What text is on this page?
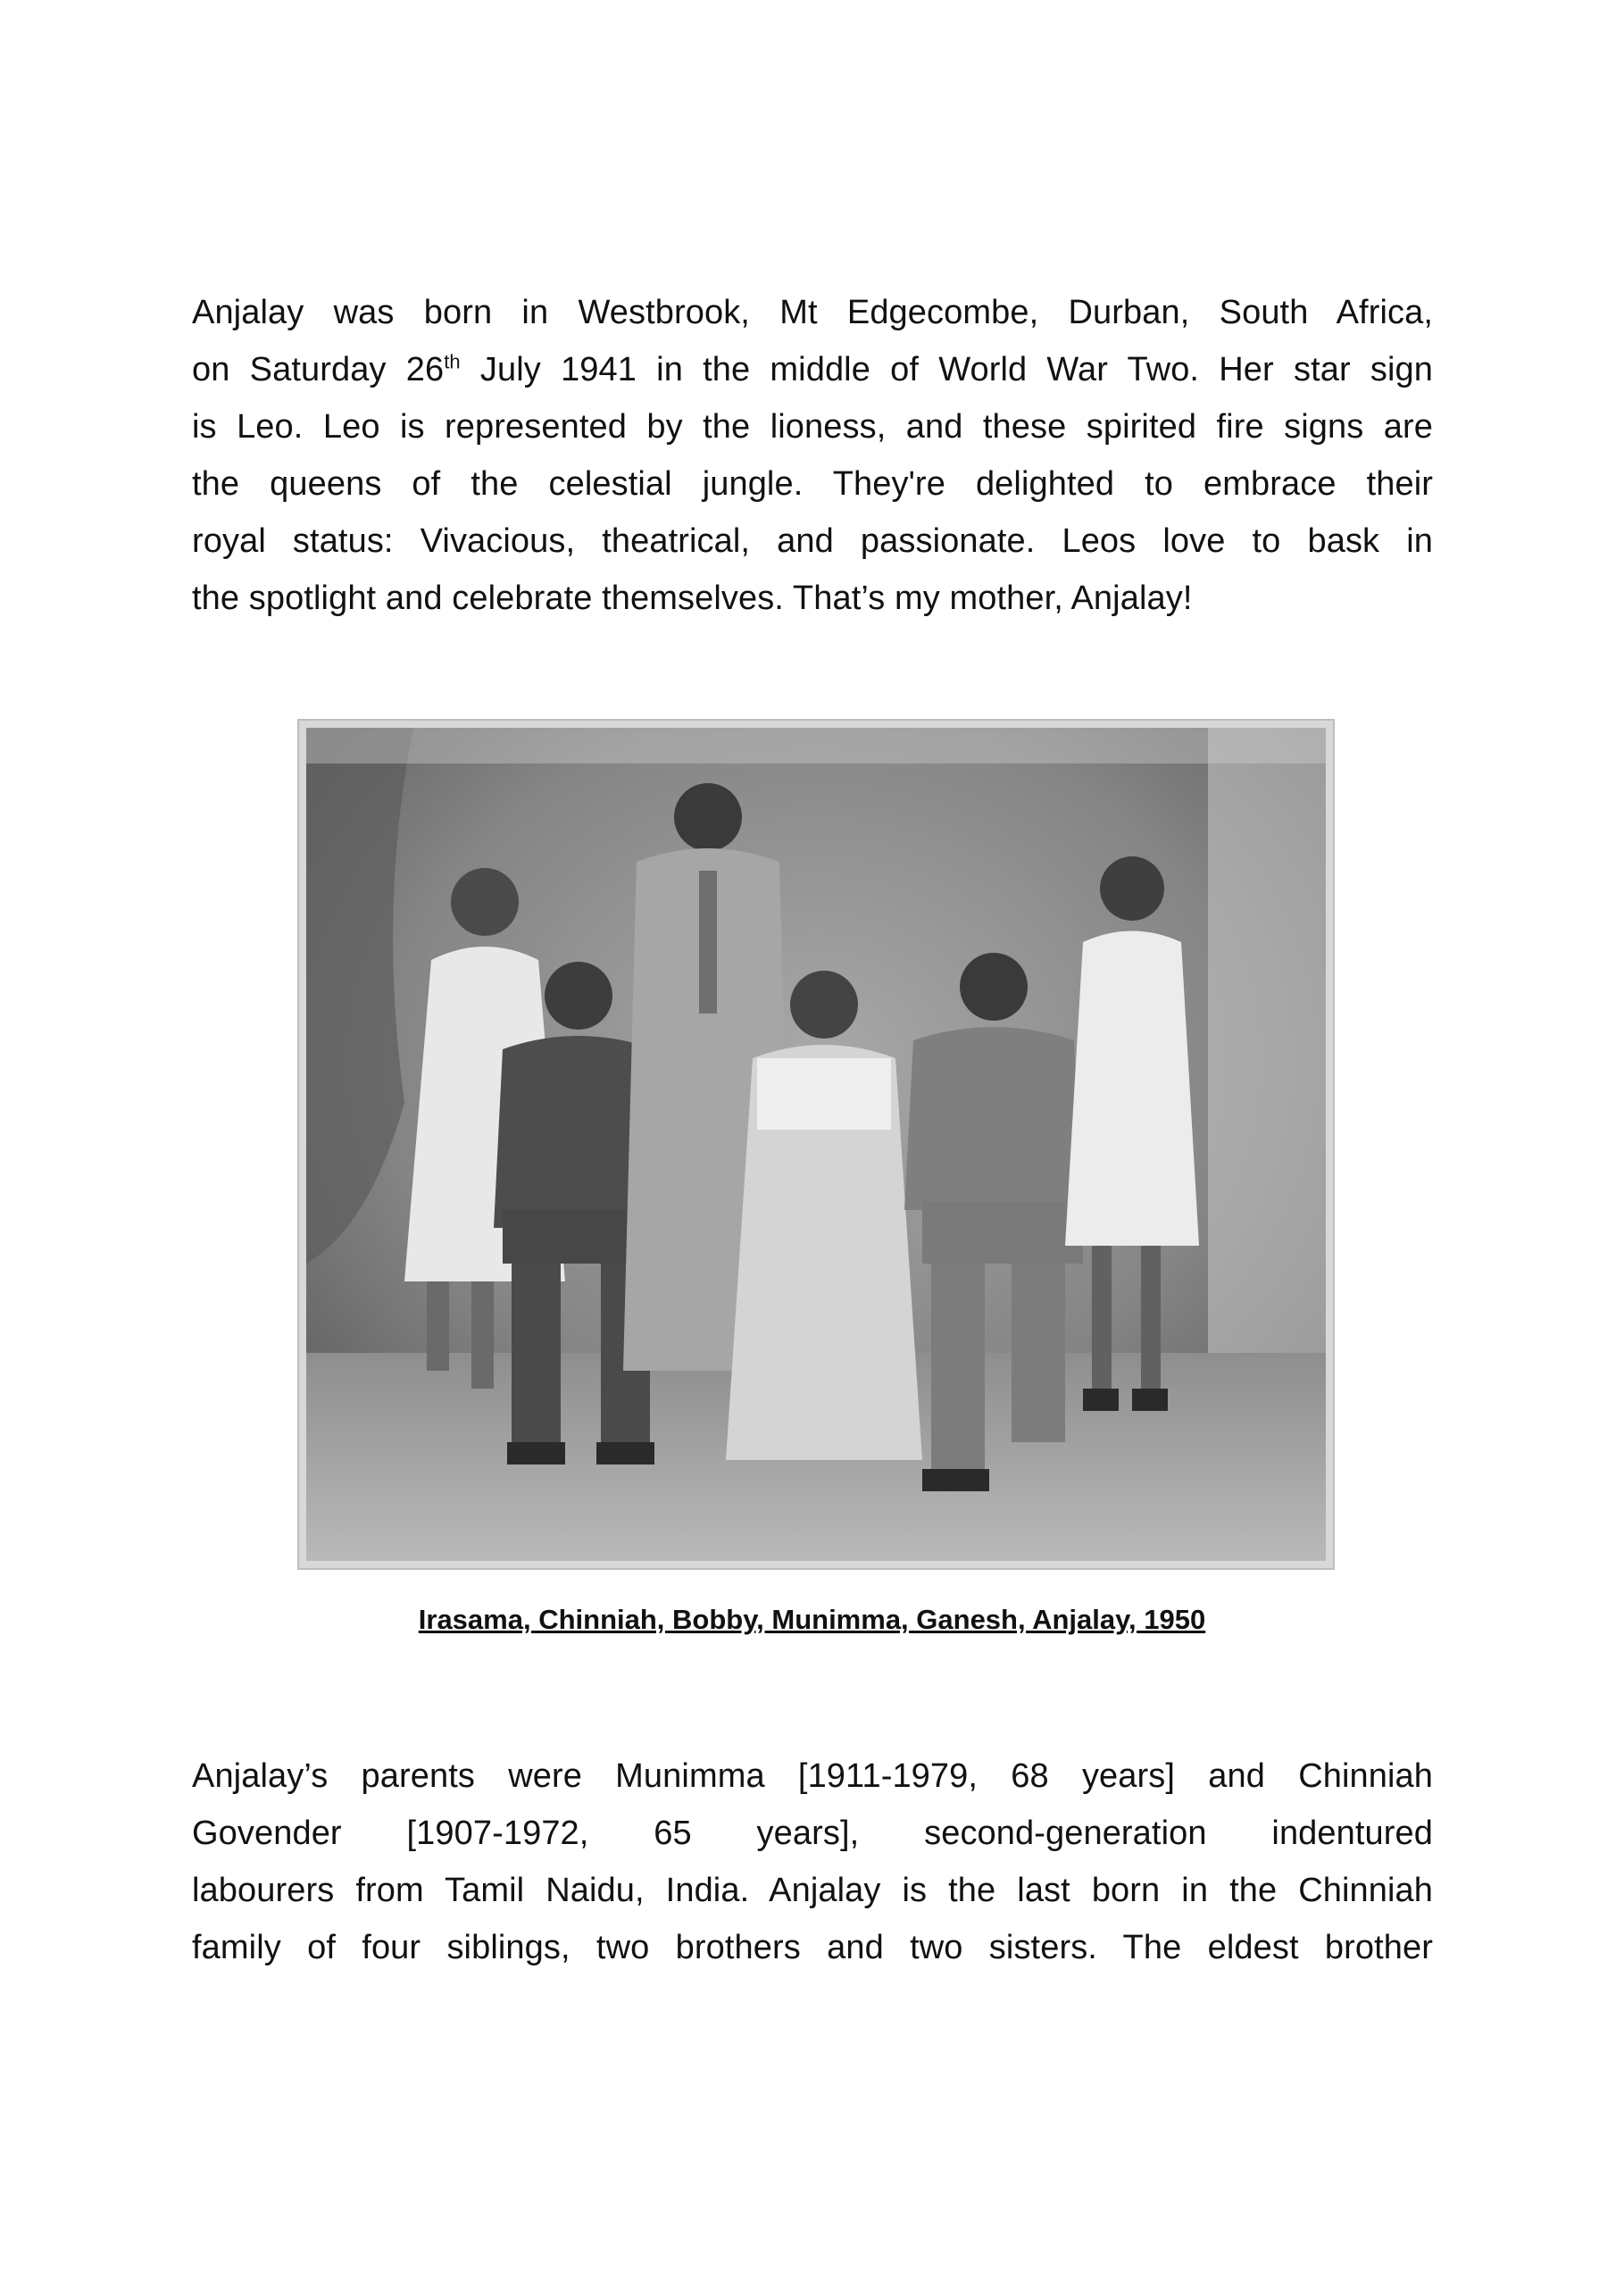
Anjalay was born in Westbrook, Mt Edgecombe, Durban, South Africa,
on Saturday 26th July 1941 in the middle of World War Two. Her star sign
is Leo. Leo is represented by the lioness, and these spirited fire signs are
the queens of the celestial jungle. They're delighted to embrace their
royal status: Vivacious, theatrical, and passionate. Leos love to bask in
the spotlight and celebrate themselves. That’s my mother, Anjalay!

Irasama, Chinniah, Bobby, Munimma, Ganesh, Anjalay, 1950

Anjalay’s parents were Munimma [1911-1979, 68 years] and Chinniah
Govender [1907-1972, 65 years], second-generation indentured
labourers from Tamil Naidu, India. Anjalay is the last born in the Chinniah
family of four siblings, two brothers and two sisters. The eldest brother
